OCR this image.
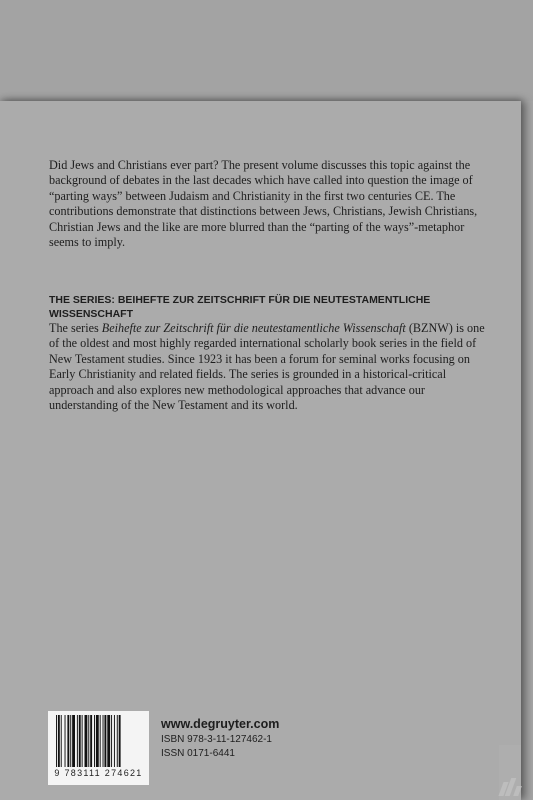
Did Jews and Christians ever part? The present volume discusses this topic against the background of debates in the last decades which have called into question the image of “parting ways” between Judaism and Christianity in the first two centuries CE. The contributions demonstrate that distinctions between Jews, Christians, Jewish Christians, Christian Jews and the like are more blurred than the “parting of the ways”-metaphor seems to imply.

THE SERIES: BEIHEFTE ZUR ZEITSCHRIFT FÜR DIE NEUTESTAMENTLICHE WISSENSCHAFT

The series Beihefte zur Zeitschrift für die neutestamentliche Wissenschaft (BZNW) is one of the oldest and most highly regarded international scholarly book series in the field of New Testament studies. Since 1923 it has been a forum for seminal works focusing on Early Christianity and related fields. The series is grounded in a historical-critical approach and also explores new methodological approaches that advance our understanding of the New Testament and its world.

9 783111 274621

www.degruyter.com

ISBN 978-3-11-127462-1

ISSN 0171-6441
